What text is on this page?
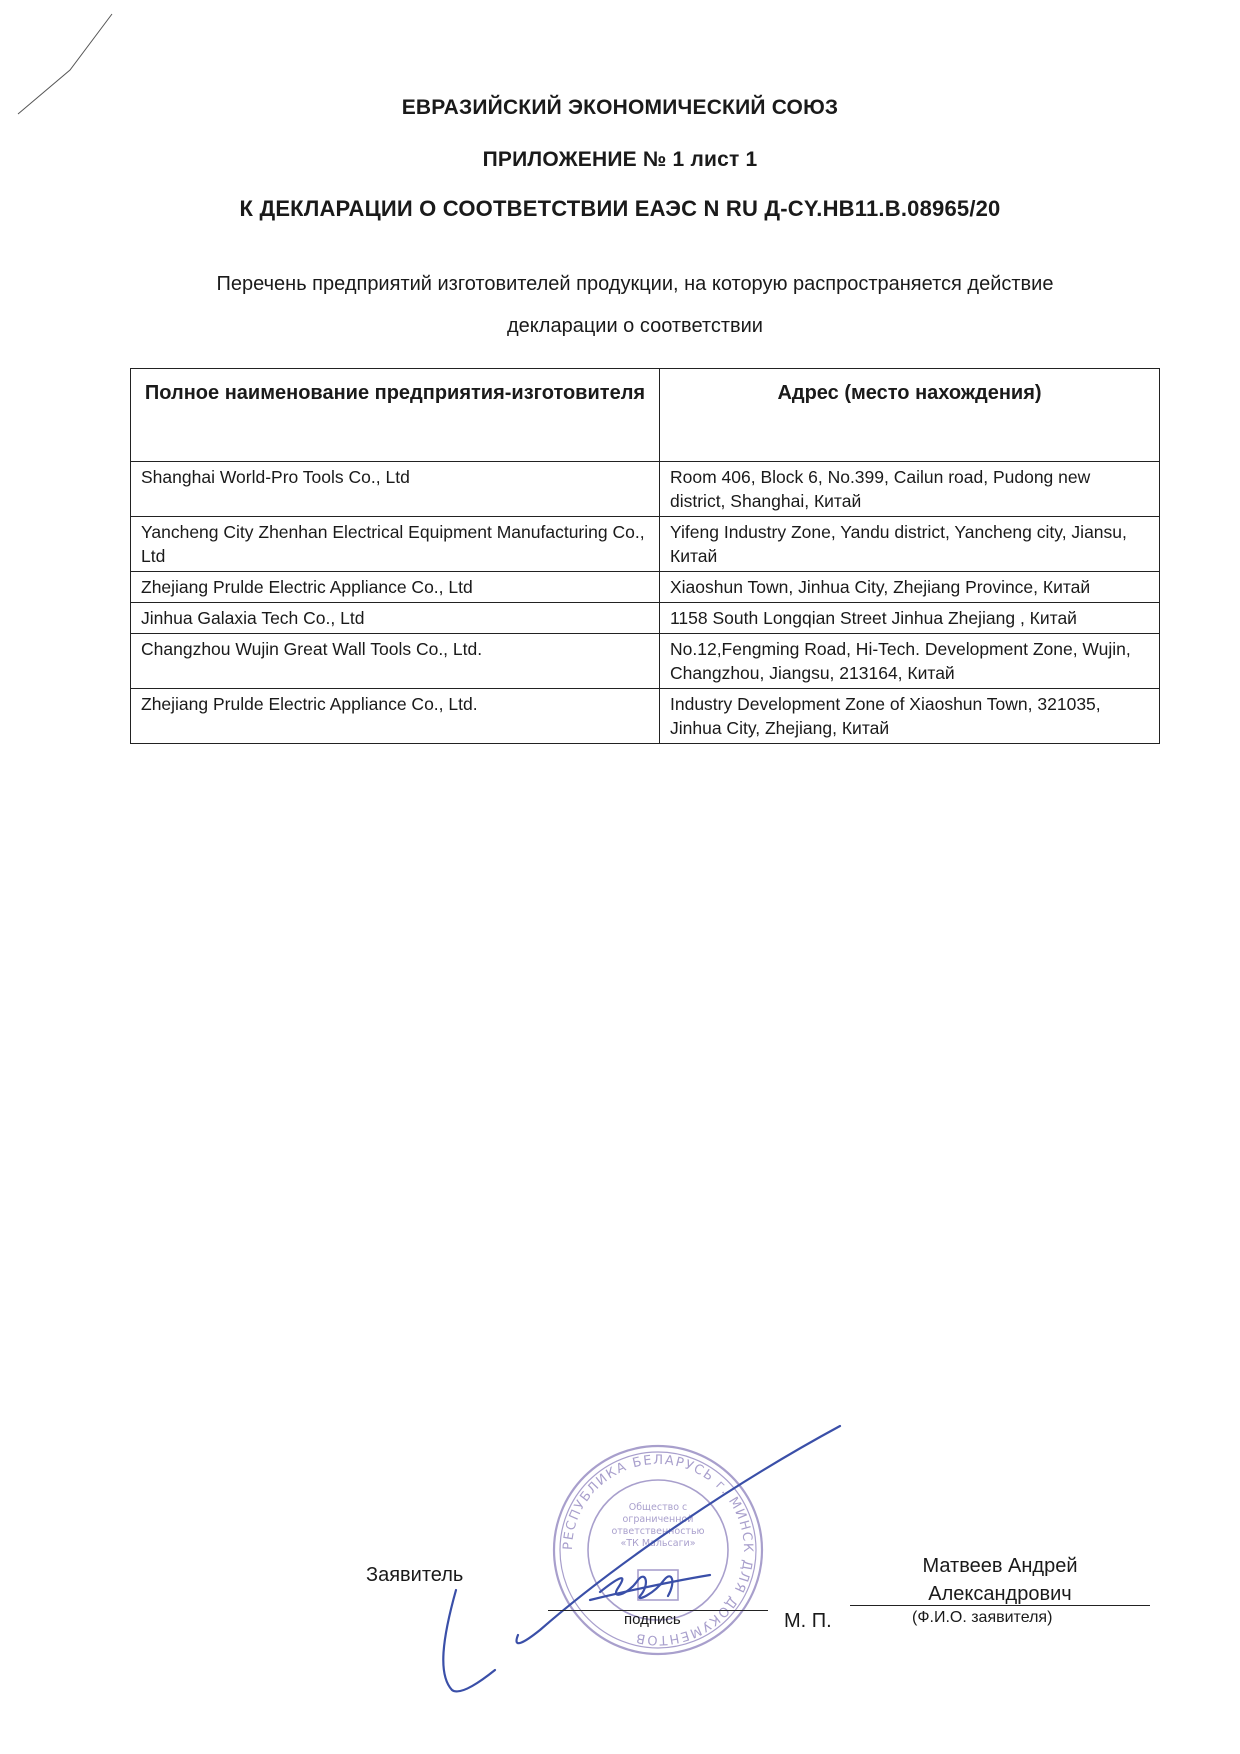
ЕВРАЗИЙСКИЙ ЭКОНОМИЧЕСКИЙ СОЮЗ
ПРИЛОЖЕНИЕ № 1 лист 1
К ДЕКЛАРАЦИИ О СООТВЕТСТВИИ ЕАЭС N RU Д-CY.HB11.B.08965/20
Перечень предприятий изготовителей продукции, на которую распространяется действие
декларации о соответствии
Полное наименование предприятия-изготовителя	Адрес (место нахождения)
Shanghai World-Pro Tools Co., Ltd	Room 406, Block 6, No.399, Cailun road, Pudong new district, Shanghai, Китай
Yancheng City Zhenhan Electrical Equipment Manufacturing Co., Ltd	Yifeng Industry Zone, Yandu district, Yancheng city, Jiansu, Китай
Zhejiang Prulde Electric Appliance Co., Ltd	Xiaoshun Town, Jinhua City, Zhejiang Province, Китай
Jinhua Galaxia Tech Co., Ltd	1158 South Longqian Street Jinhua Zhejiang , Китай
Changzhou Wujin Great Wall Tools Co., Ltd.	No.12,Fengming Road, Hi-Tech. Development Zone, Wujin, Changzhou, Jiangsu, 213164, Китай
Zhejiang Prulde Electric Appliance Co., Ltd.	Industry Development Zone of Xiaoshun Town, 321035, Jinhua City, Zhejiang, Китай
РЕСПУБЛИКА БЕЛАРУСЬ г. МИНСК ДЛЯ ДОКУМЕНТОВ
Общество с ограниченной ответственностью «ТК Мальсаги»
Заявитель
подпись	М. П.
Матвеев Андрей
Александрович
(Ф.И.О. заявителя)
